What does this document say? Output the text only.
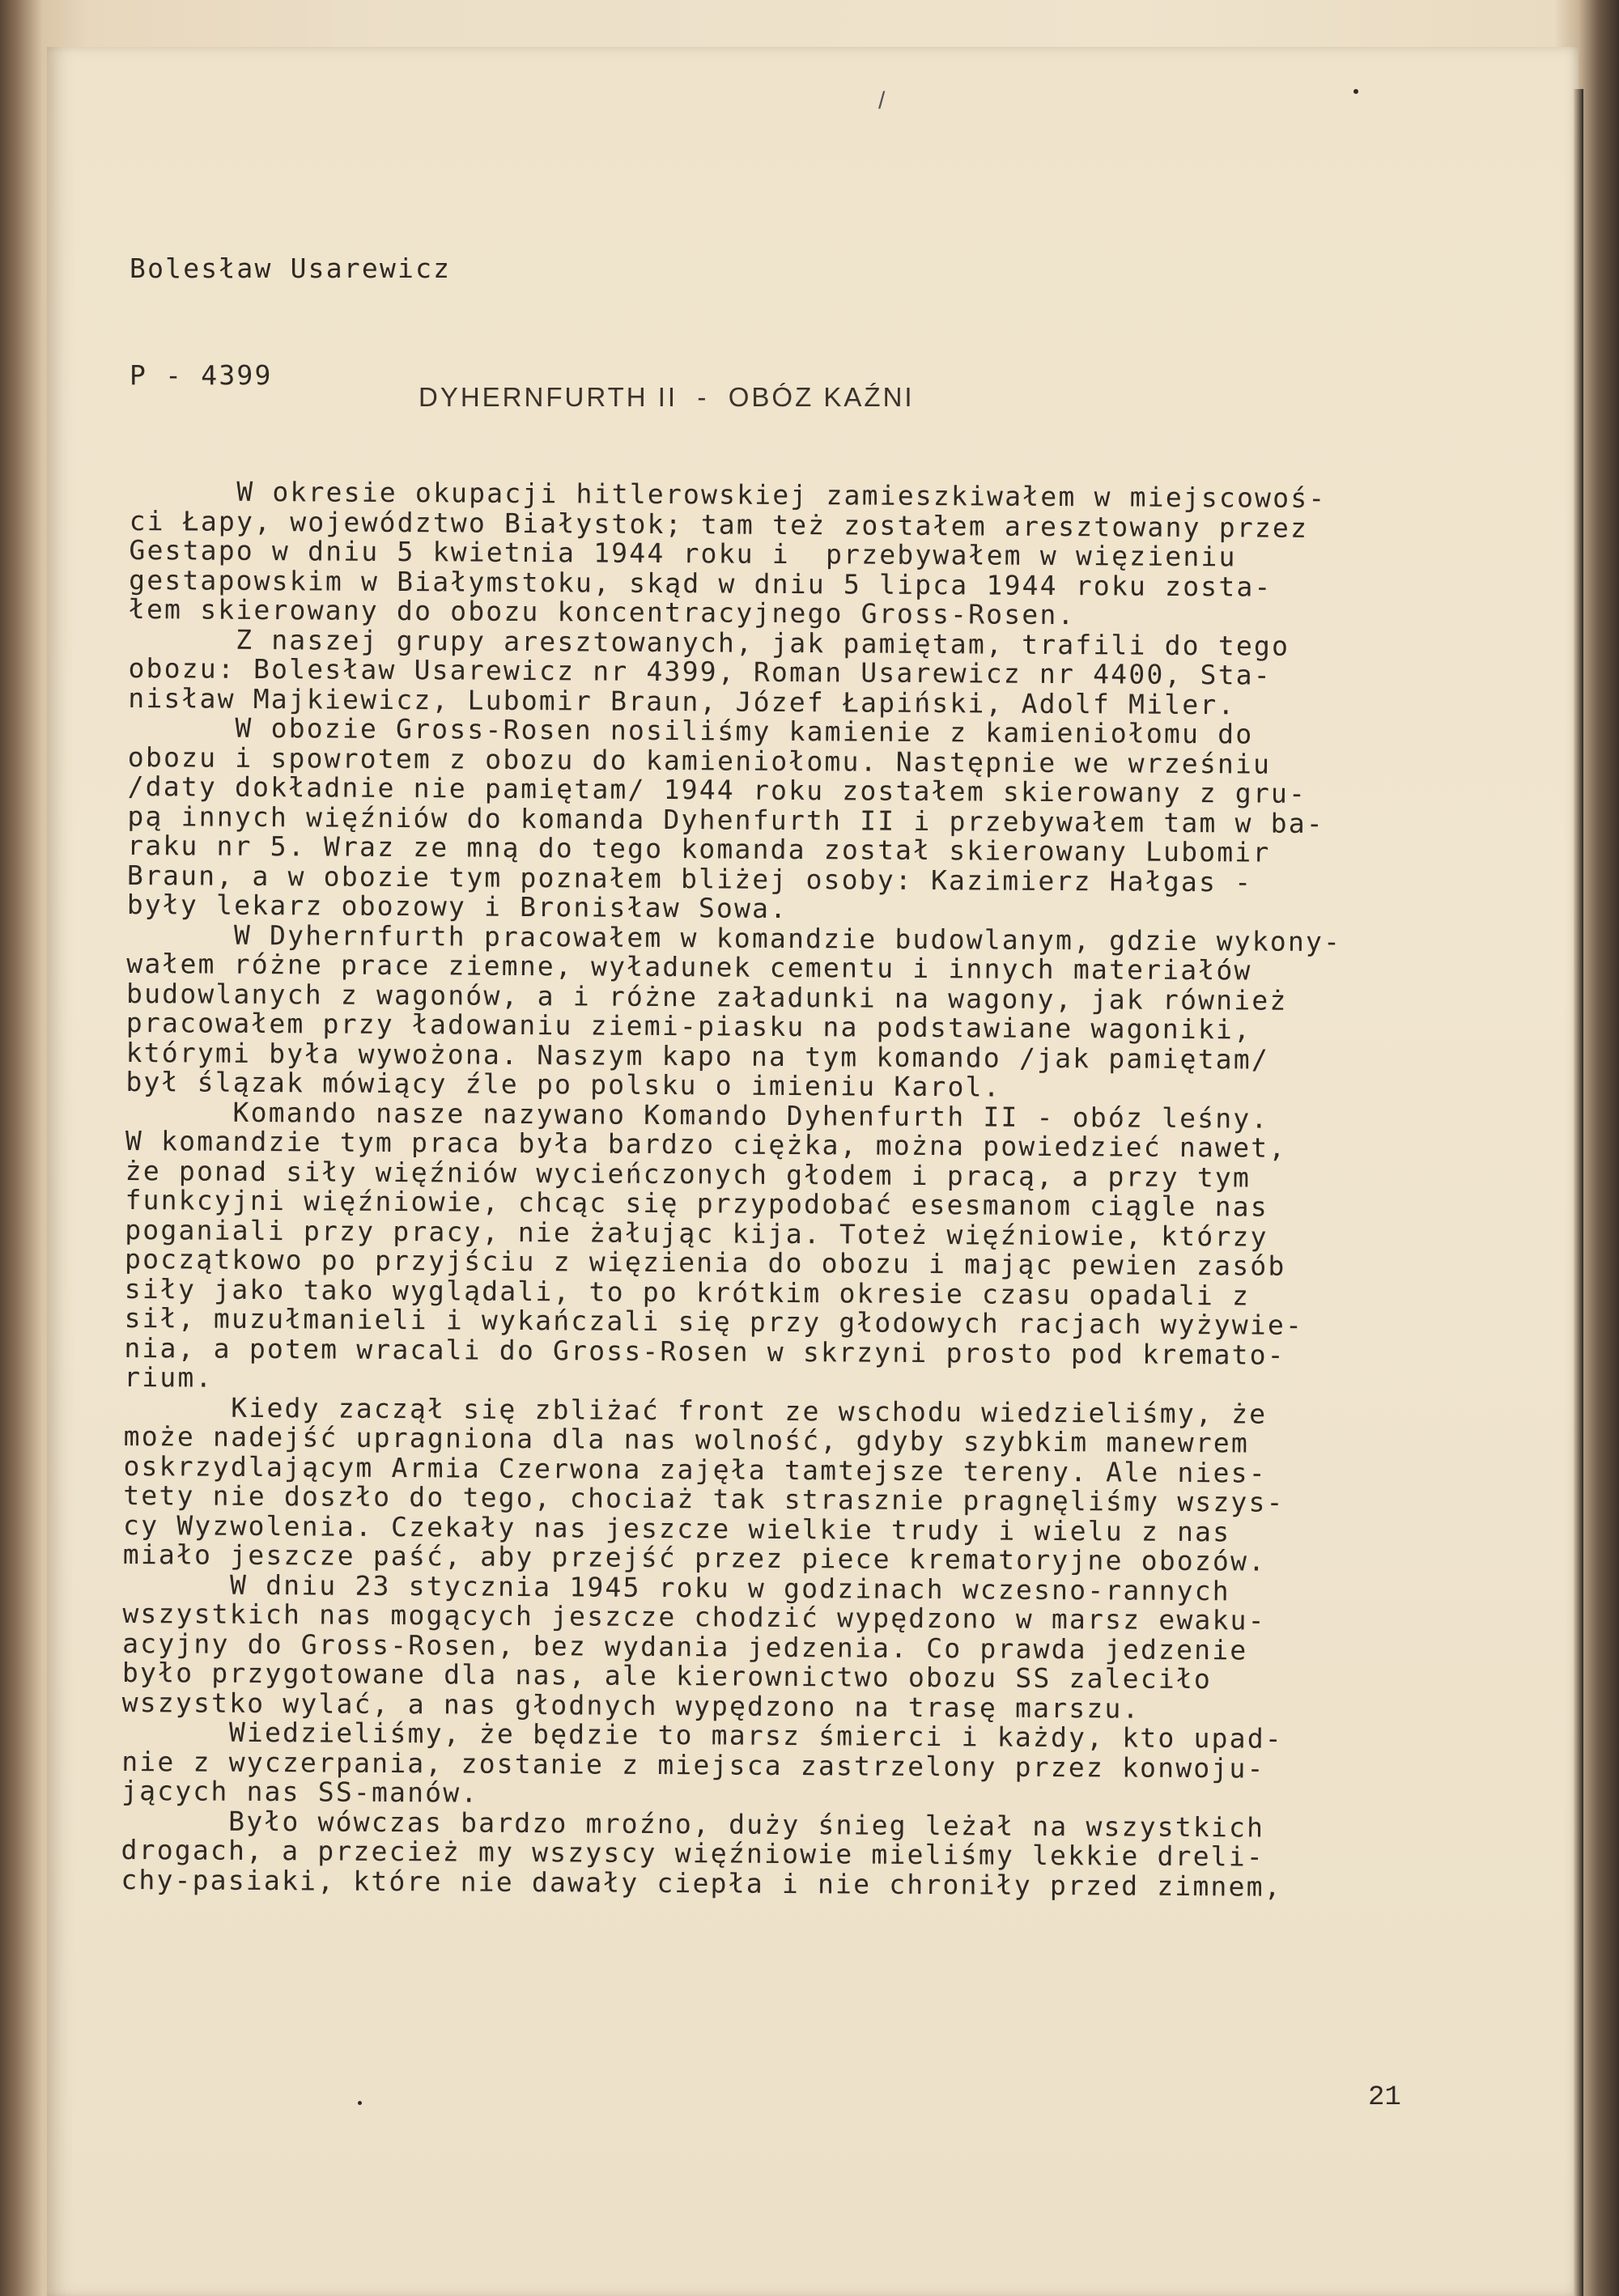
/

Bolesław Usarewicz

P - 4399

DYHERNFURTH II  -  OBÓZ KAŹNI
W okresie okupacji hitlerowskiej zamieszkiwałem w miejscowoś-
ci Łapy, województwo Białystok; tam też zostałem aresztowany przez
Gestapo w dniu 5 kwietnia 1944 roku i  przebywałem w więzieniu
gestapowskim w Białymstoku, skąd w dniu 5 lipca 1944 roku zosta-
łem skierowany do obozu koncentracyjnego Gross-Rosen.
Z naszej grupy aresztowanych, jak pamiętam, trafili do tego
obozu: Bolesław Usarewicz nr 4399, Roman Usarewicz nr 4400, Sta-
nisław Majkiewicz, Lubomir Braun, Józef Łapiński, Adolf Miler.
W obozie Gross-Rosen nosiliśmy kamienie z kamieniołomu do
obozu i spowrotem z obozu do kamieniołomu. Następnie we wrześniu
/daty dokładnie nie pamiętam/ 1944 roku zostałem skierowany z gru-
pą innych więźniów do komanda Dyhenfurth II i przebywałem tam w ba-
raku nr 5. Wraz ze mną do tego komanda został skierowany Lubomir
Braun, a w obozie tym poznałem bliżej osoby: Kazimierz Hałgas -
były lekarz obozowy i Bronisław Sowa.
W Dyhernfurth pracowałem w komandzie budowlanym, gdzie wykony-
wałem różne prace ziemne, wyładunek cementu i innych materiałów
budowlanych z wagonów, a i różne załadunki na wagony, jak również
pracowałem przy ładowaniu ziemi-piasku na podstawiane wagoniki,
którymi była wywożona. Naszym kapo na tym komando /jak pamiętam/
był ślązak mówiący źle po polsku o imieniu Karol.
Komando nasze nazywano Komando Dyhenfurth II - obóz leśny.
W komandzie tym praca była bardzo ciężka, można powiedzieć nawet,
że ponad siły więźniów wycieńczonych głodem i pracą, a przy tym
funkcyjni więźniowie, chcąc się przypodobać esesmanom ciągle nas
poganiali przy pracy, nie żałując kija. Toteż więźniowie, którzy
początkowo po przyjściu z więzienia do obozu i mając pewien zasób
siły jako tako wyglądali, to po krótkim okresie czasu opadali z
sił, muzułmanieli i wykańczali się przy głodowych racjach wyżywie-
nia, a potem wracali do Gross-Rosen w skrzyni prosto pod kremato-
rium.
Kiedy zaczął się zbliżać front ze wschodu wiedzieliśmy, że
może nadejść upragniona dla nas wolność, gdyby szybkim manewrem
oskrzydlającym Armia Czerwona zajęła tamtejsze tereny. Ale nies-
tety nie doszło do tego, chociaż tak strasznie pragnęliśmy wszys-
cy Wyzwolenia. Czekały nas jeszcze wielkie trudy i wielu z nas
miało jeszcze paść, aby przejść przez piece krematoryjne obozów.
W dniu 23 stycznia 1945 roku w godzinach wczesno-rannych
wszystkich nas mogących jeszcze chodzić wypędzono w marsz ewaku-
acyjny do Gross-Rosen, bez wydania jedzenia. Co prawda jedzenie
było przygotowane dla nas, ale kierownictwo obozu SS zaleciło
wszystko wylać, a nas głodnych wypędzono na trasę marszu.
Wiedzieliśmy, że będzie to marsz śmierci i każdy, kto upad-
nie z wyczerpania, zostanie z miejsca zastrzelony przez konwoju-
jących nas SS-manów.
Było wówczas bardzo mroźno, duży śnieg leżał na wszystkich
drogach, a przecież my wszyscy więźniowie mieliśmy lekkie dreli-
chy-pasiaki, które nie dawały ciepła i nie chroniły przed zimnem,
21
